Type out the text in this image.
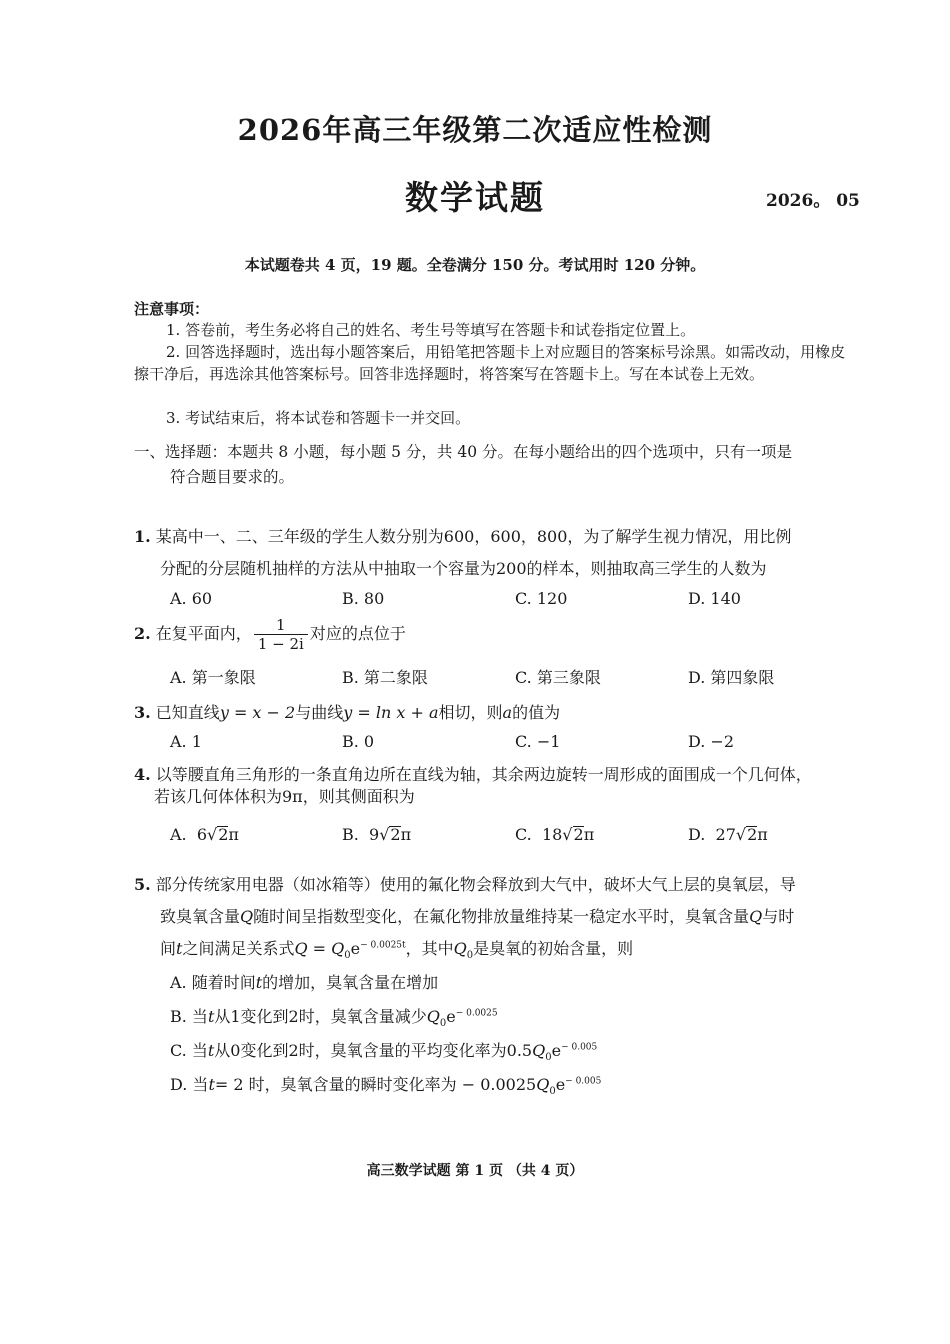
2026年高三年级第二次适应性检测
数学试题	2026。 05
本试题卷共 4 页，19 题。全卷满分 150 分。考试用时 120 分钟。
注意事项：
1. 答卷前，考生务必将自己的姓名、考生号等填写在答题卡和试卷指定位置上。
2. 回答选择题时，选出每小题答案后，用铅笔把答题卡上对应题目的答案标号涂黑。如需改动，用橡皮擦干净后，再选涂其他答案标号。回答非选择题时，将答案写在答题卡上。写在本试卷上无效。
3. 考试结束后，将本试卷和答题卡一并交回。
一、选择题：本题共 8 小题，每小题 5 分，共 40 分。在每小题给出的四个选项中，只有一项是
符合题目要求的。
1. 某高中一、二、三年级的学生人数分别为600，600，800，为了解学生视力情况，用比例
分配的分层随机抽样的方法从中抽取一个容量为200的样本，则抽取高三学生的人数为
A. 60	B. 80	C. 120	D. 140
2. 在复平面内， $\frac{1}{1 - 2i}$ 对应的点位于
A. 第一象限	B. 第二象限	C. 第三象限	D. 第四象限
3. 已知直线y = x − 2与曲线y = ln x + a相切，则a的值为
A. 1	B. 0	C. −1	D. −2
4. 以等腰直角三角形的一条直角边所在直线为轴，其余两边旋转一周形成的面围成一个几何体，
若该几何体体积为9π，则其侧面积为
A. 6√2π	B. 9√2π	C. 18√2π	D. 27√2π
5. 部分传统家用电器（如冰箱等）使用的氟化物会释放到大气中，破坏大气上层的臭氧层，导
致臭氧含量Q随时间呈指数型变化，在氟化物排放量维持某一稳定水平时，臭氧含量Q与时
间t之间满足关系式$Q = Q_0e^{- 0.0025t}$，其中$Q_0$是臭氧的初始含量，则
A. 随着时间t的增加，臭氧含量在增加
B. 当t从1变化到2时，臭氧含量减少$Q_0e^{- 0.0025}$
C. 当t从0变化到2时，臭氧含量的平均变化率为$0.5Q_0e^{- 0.005}$
D. 当t= 2 时，臭氧含量的瞬时变化率为 − $0.0025Q_0e^{- 0.005}$
高三数学试题 第 1 页 （共 4 页）
